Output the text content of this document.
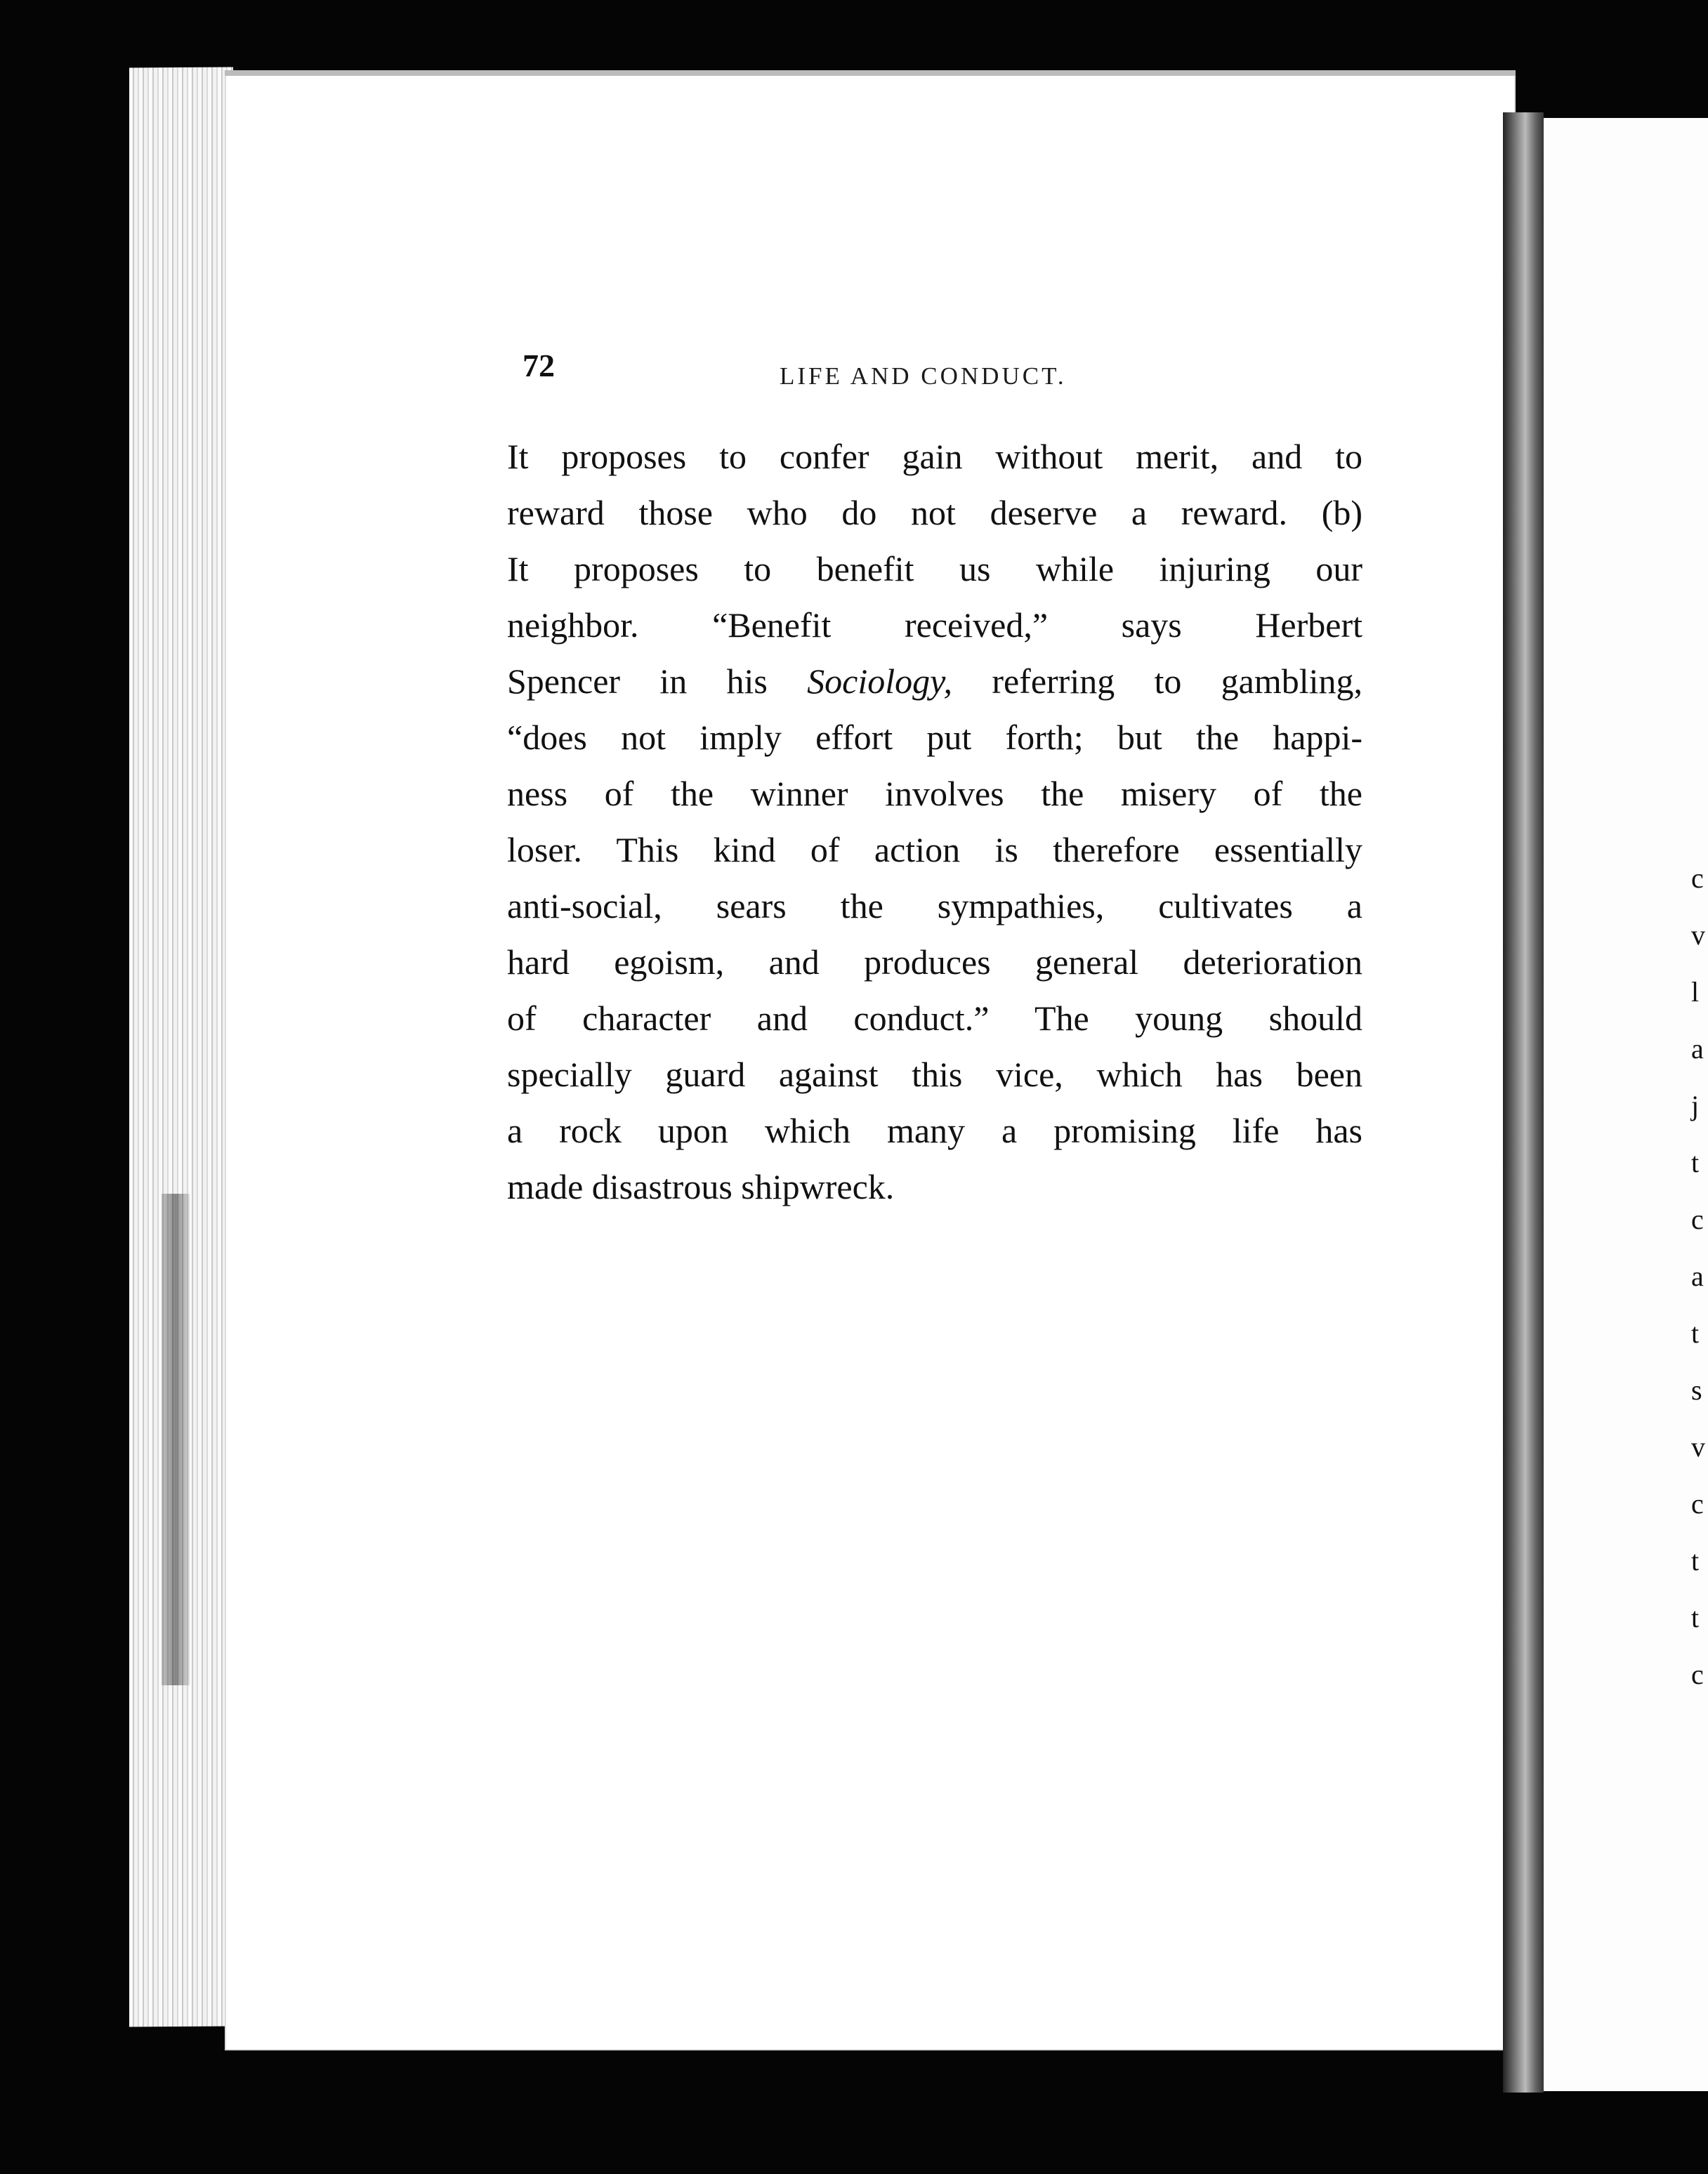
c
v
l
a
j
t
c
a
t
s
v
c
t
t
c
72	LIFE AND CONDUCT.
It proposes to confer gain without merit, and to
reward those who do not deserve a reward. (b)
It proposes to benefit us while injuring our
neighbor. “Benefit received,” says Herbert
Spencer in his Sociology, referring to gambling,
“does not imply effort put forth; but the happi-
ness of the winner involves the misery of the
loser. This kind of action is therefore essentially
anti-social, sears the sympathies, cultivates a
hard egoism, and produces general deterioration
of character and conduct.” The young should
specially guard against this vice, which has been
a rock upon which many a promising life has
made disastrous shipwreck.
